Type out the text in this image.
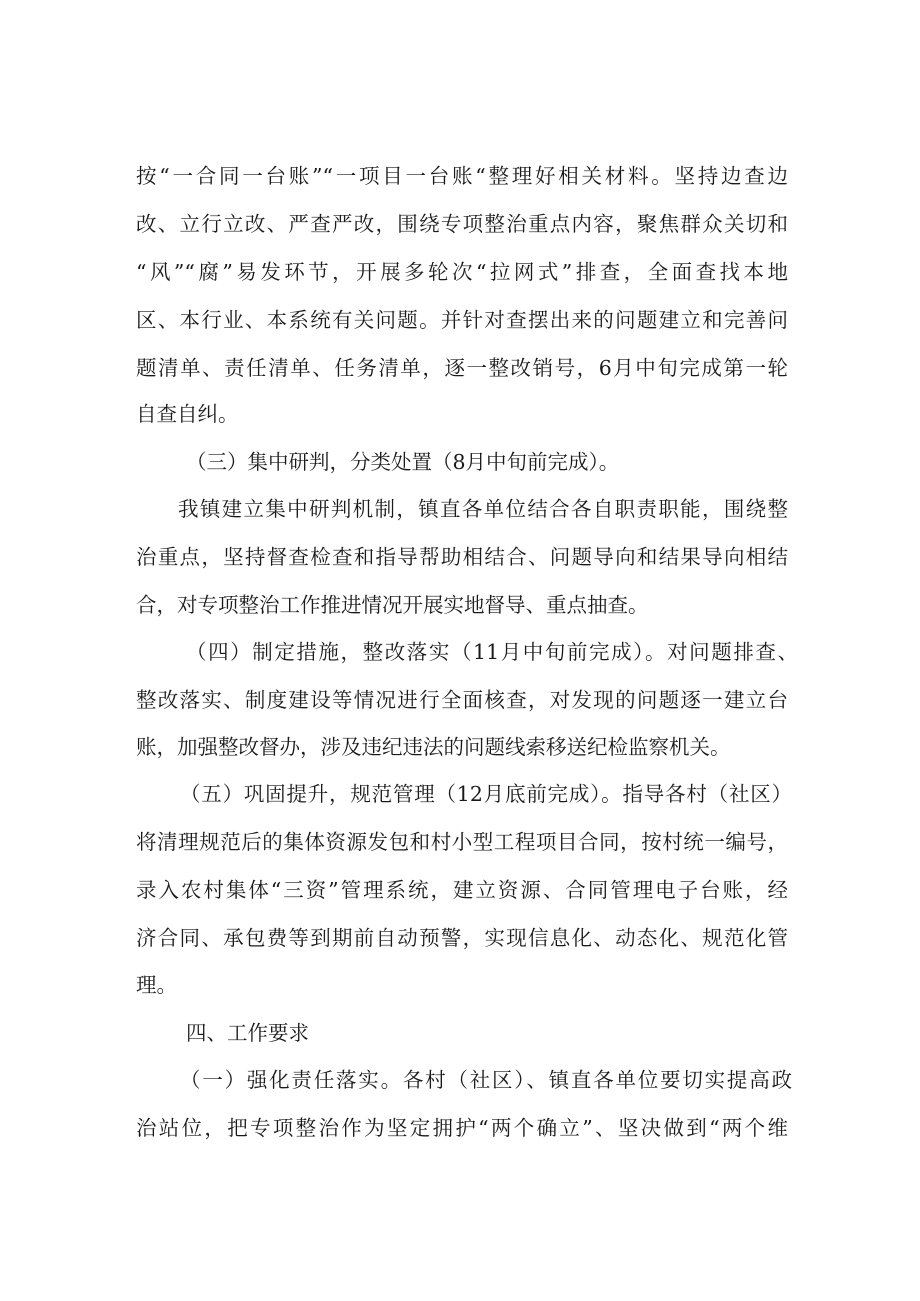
按“一合同一台账”“一项目一台账“整理好相关材料。坚持边查边
改、立行立改、严查严改，围绕专项整治重点内容，聚焦群众关切和
“风”“腐”易发环节，开展多轮次“拉网式”排查，全面查找本地
区、本行业、本系统有关问题。并针对查摆出来的问题建立和完善问
题清单、责任清单、任务清单，逐一整改销号，6月中旬完成第一轮
自查自纠。
（三）集中研判，分类处置（8月中旬前完成）。
我镇建立集中研判机制，镇直各单位结合各自职责职能，围绕整
治重点，坚持督查检查和指导帮助相结合、问题导向和结果导向相结
合，对专项整治工作推进情况开展实地督导、重点抽查。
（四）制定措施，整改落实（11月中旬前完成）。对问题排查、
整改落实、制度建设等情况进行全面核查，对发现的问题逐一建立台
账，加强整改督办，涉及违纪违法的问题线索移送纪检监察机关。
（五）巩固提升，规范管理（12月底前完成）。指导各村（社区）
将清理规范后的集体资源发包和村小型工程项目合同，按村统一编号，
录入农村集体“三资”管理系统，建立资源、合同管理电子台账，经
济合同、承包费等到期前自动预警，实现信息化、动态化、规范化管
理。
四、工作要求
（一）强化责任落实。各村（社区）、镇直各单位要切实提高政
治站位，把专项整治作为坚定拥护“两个确立”、坚决做到“两个维
